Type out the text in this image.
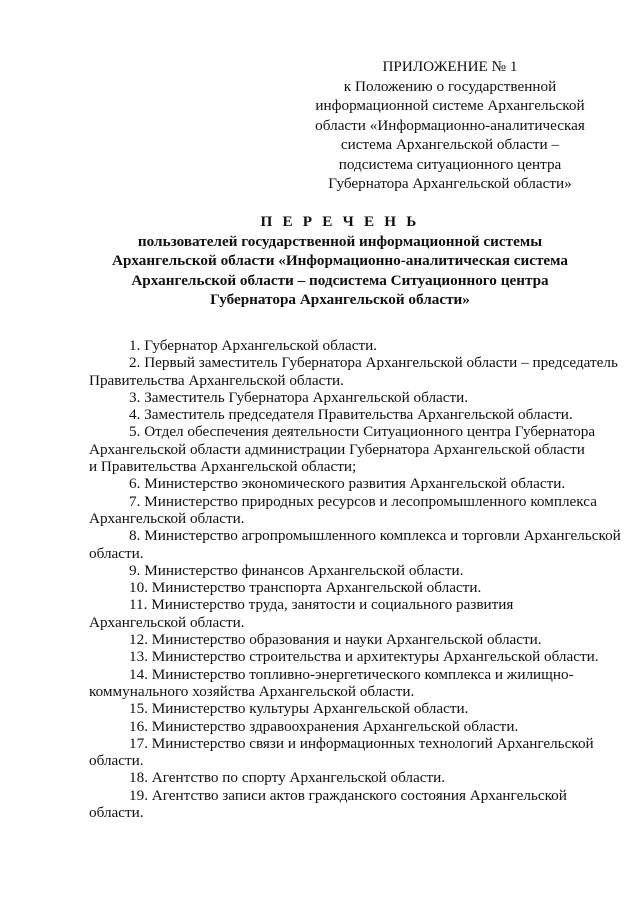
ПРИЛОЖЕНИЕ № 1
к Положению о государственной
информационной системе Архангельской
области «Информационно-аналитическая
система Архангельской области –
подсистема ситуационного центра
Губернатора Архангельской области»
П Е Р Е Ч Е Н Ь
пользователей государственной информационной системы
Архангельской области «Информационно-аналитическая система
Архангельской области – подсистема Ситуационного центра
Губернатора Архангельской области»
1. Губернатор Архангельской области.
2. Первый заместитель Губернатора Архангельской области – председатель
Правительства Архангельской области.
3. Заместитель Губернатора Архангельской области.
4. Заместитель председателя Правительства Архангельской области.
5. Отдел обеспечения деятельности Ситуационного центра Губернатора
Архангельской области администрации Губернатора Архангельской области
и Правительства Архангельской области;
6. Министерство экономического развития Архангельской области.
7. Министерство природных ресурсов и лесопромышленного комплекса
Архангельской области.
8. Министерство агропромышленного комплекса и торговли Архангельской
области.
9. Министерство финансов Архангельской области.
10. Министерство транспорта Архангельской области.
11. Министерство труда, занятости и социального развития
Архангельской области.
12. Министерство образования и науки Архангельской области.
13. Министерство строительства и архитектуры Архангельской области.
14. Министерство топливно-энергетического комплекса и жилищно-
коммунального хозяйства Архангельской области.
15. Министерство культуры Архангельской области.
16. Министерство здравоохранения Архангельской области.
17. Министерство связи и информационных технологий Архангельской
области.
18. Агентство по спорту Архангельской области.
19. Агентство записи актов гражданского состояния Архангельской
области.
